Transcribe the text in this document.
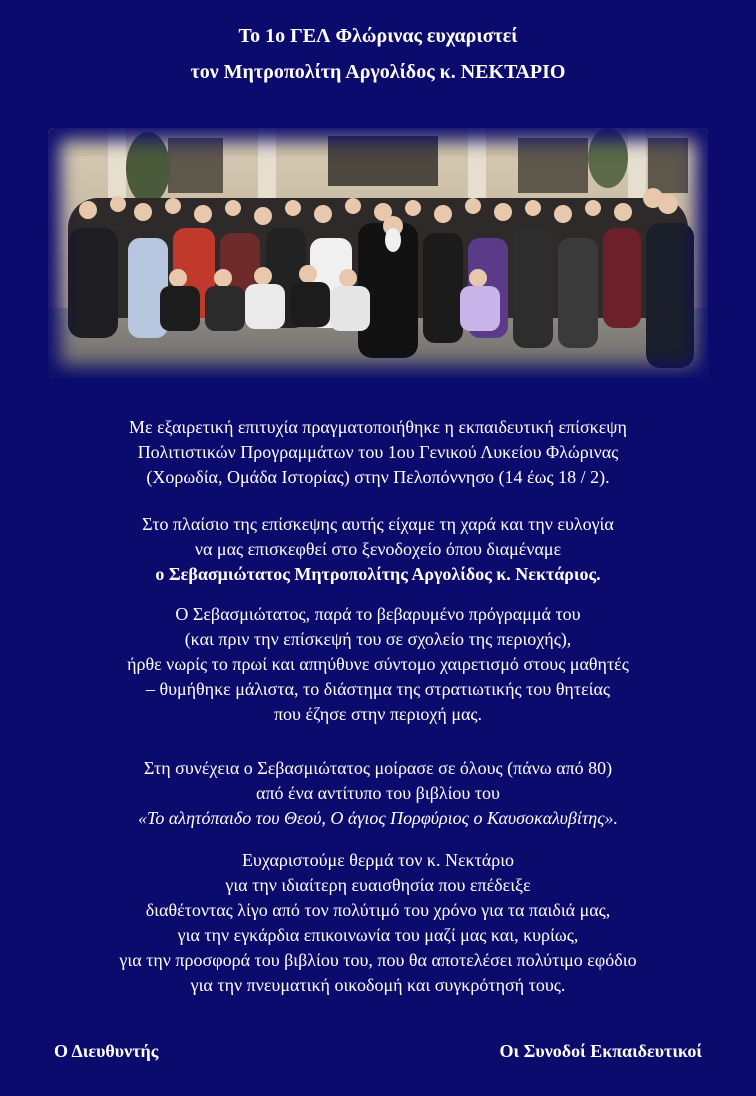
Το 1ο ΓΕΛ Φλώρινας ευχαριστεί
τον Μητροπολίτη Αργολίδος κ. ΝΕΚΤΑΡΙΟ
Με εξαιρετική επιτυχία πραγματοποιήθηκε η εκπαιδευτική επίσκεψη
Πολιτιστικών Προγραμμάτων του 1ου Γενικού Λυκείου Φλώρινας
(Χορωδία, Ομάδα Ιστορίας) στην Πελοπόννησο (14 έως 18 / 2).
Στο πλαίσιο της επίσκεψης αυτής είχαμε τη χαρά και την ευλογία
να μας επισκεφθεί στο ξενοδοχείο όπου διαμέναμε
ο Σεβασμιώτατος Μητροπολίτης Αργολίδος κ. Νεκτάριος.
Ο Σεβασμιώτατος, παρά το βεβαρυμένο πρόγραμμά του
(και πριν την επίσκεψή του σε σχολείο της περιοχής),
ήρθε νωρίς το πρωί και απηύθυνε σύντομο χαιρετισμό στους μαθητές
– θυμήθηκε μάλιστα, το διάστημα της στρατιωτικής του θητείας
που έζησε στην περιοχή μας.
Στη συνέχεια ο Σεβασμιώτατος μοίρασε σε όλους (πάνω από 80)
από ένα αντίτυπο του βιβλίου του
«Το αλητόπαιδο του Θεού, Ο άγιος Πορφύριος ο Καυσοκαλυβίτης».
Ευχαριστούμε θερμά τον κ. Νεκτάριο
για την ιδιαίτερη ευαισθησία που επέδειξε
διαθέτοντας λίγο από τον πολύτιμό του χρόνο για τα παιδιά μας,
για την εγκάρδια επικοινωνία του μαζί μας και, κυρίως,
για την προσφορά του βιβλίου του, που θα αποτελέσει πολύτιμο εφόδιο
για την πνευματική οικοδομή και συγκρότησή τους.
Ο Διευθυντής	Οι Συνοδοί Εκπαιδευτικοί
